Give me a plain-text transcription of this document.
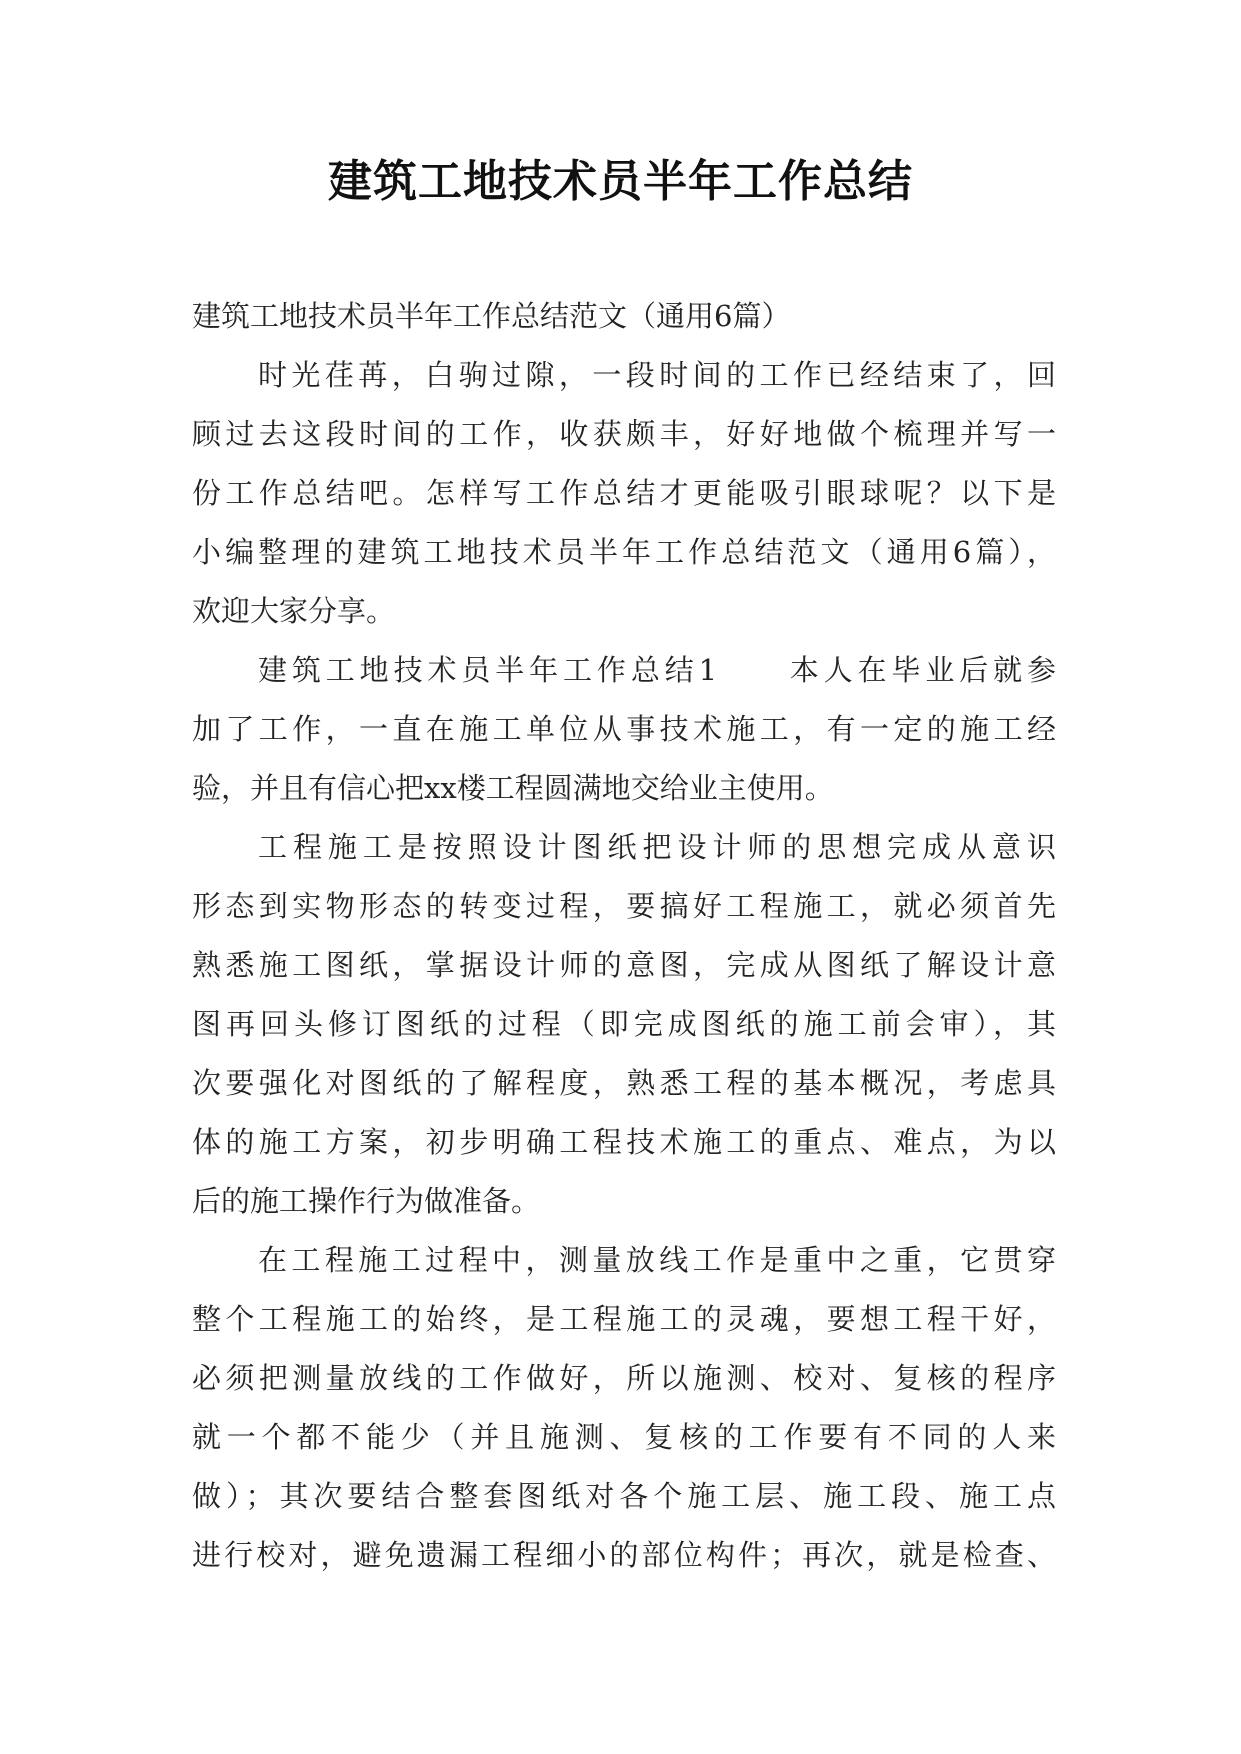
建筑工地技术员半年工作总结
建筑工地技术员半年工作总结范文（通用6篇）
时光荏苒，白驹过隙，一段时间的工作已经结束了，回
顾过去这段时间的工作，收获颇丰，好好地做个梳理并写一
份工作总结吧。怎样写工作总结才更能吸引眼球呢？以下是
小编整理的建筑工地技术员半年工作总结范文（通用6篇），
欢迎大家分享。
建筑工地技术员半年工作总结1　　本人在毕业后就参
加了工作，一直在施工单位从事技术施工，有一定的施工经
验，并且有信心把xx楼工程圆满地交给业主使用。
工程施工是按照设计图纸把设计师的思想完成从意识
形态到实物形态的转变过程，要搞好工程施工，就必须首先
熟悉施工图纸，掌据设计师的意图，完成从图纸了解设计意
图再回头修订图纸的过程（即完成图纸的施工前会审），其
次要强化对图纸的了解程度，熟悉工程的基本概况，考虑具
体的施工方案，初步明确工程技术施工的重点、难点，为以
后的施工操作行为做准备。
在工程施工过程中，测量放线工作是重中之重，它贯穿
整个工程施工的始终，是工程施工的灵魂，要想工程干好，
必须把测量放线的工作做好，所以施测、校对、复核的程序
就一个都不能少（并且施测、复核的工作要有不同的人来
做）；其次要结合整套图纸对各个施工层、施工段、施工点
进行校对，避免遗漏工程细小的部位构件；再次，就是检查、
